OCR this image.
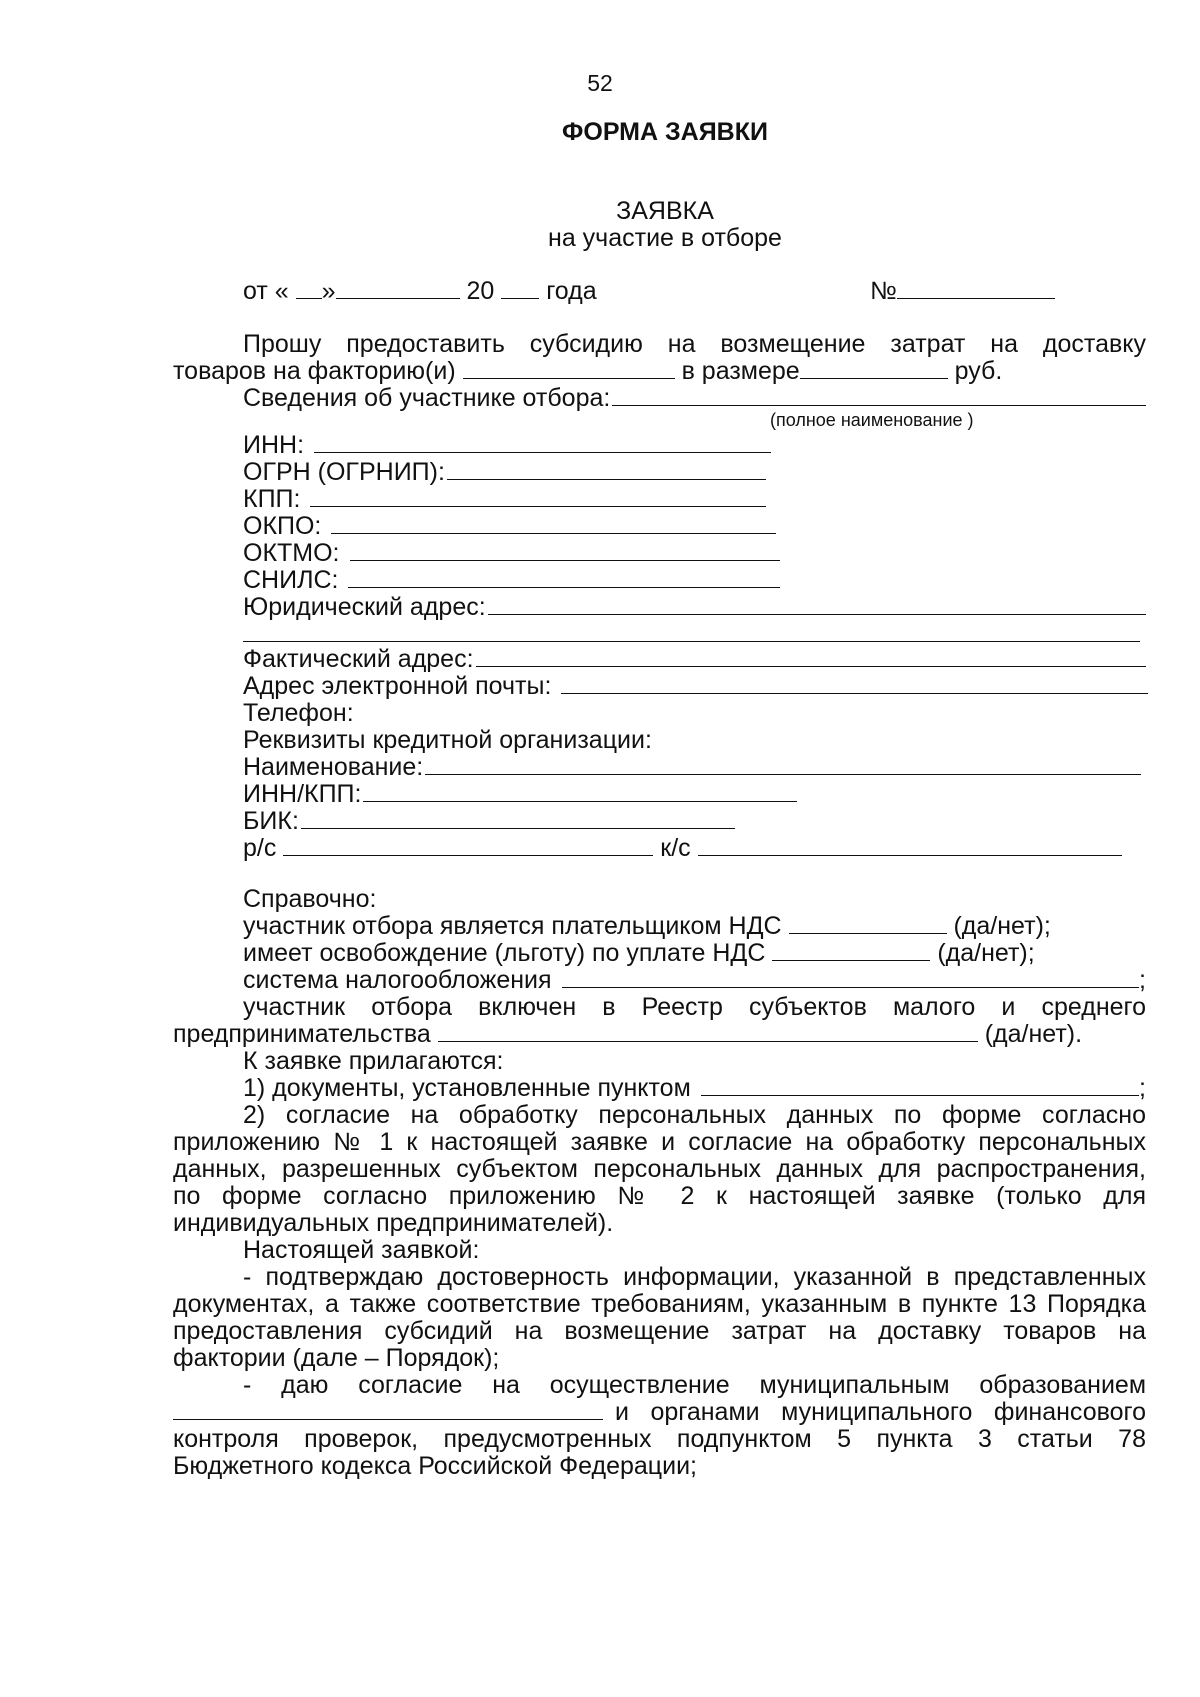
52
ФОРМА ЗАЯВКИ
ЗАЯВКА
на участие в отборе
от « »	20 года	№
Прошу предоставить субсидию на возмещение затрат на доставку
товаров на факторию(и)	в размере	руб.
Сведения об участнике отбора:
(полное наименование )
ИНН:
ОГРН (ОГРНИП):
КПП:
ОКПО:
ОКТМО:
СНИЛС:
Юридический адрес:
Фактический адрес:
Адрес электронной почты:
Телефон:
Реквизиты кредитной организации:
Наименование:
ИНН/КПП:
БИК:
р/с	к/с
Справочно:
участник отбора является плательщиком НДС	(да/нет);
имеет освобождение (льготу) по уплате НДС	(да/нет);
система налогообложения	;
участник отбора включен в Реестр субъектов малого и среднего
предпринимательства	(да/нет).
К заявке прилагаются:
1) документы, установленные пунктом	;
2) согласие на обработку персональных данных по форме согласно
приложению № 1 к настоящей заявке и согласие на обработку персональных
данных, разрешенных субъектом персональных данных для распространения,
по форме согласно приложению № 2 к настоящей заявке (только для
индивидуальных предпринимателей).
Настоящей заявкой:
- подтверждаю достоверность информации, указанной в представленных
документах, а также соответствие требованиям, указанным в пункте 13 Порядка
предоставления субсидий на возмещение затрат на доставку товаров на
фактории (дале – Порядок);
- даю согласие на осуществление муниципальным образованием
и органами муниципального финансового
контроля проверок, предусмотренных подпунктом 5 пункта 3 статьи 78
Бюджетного кодекса Российской Федерации;
